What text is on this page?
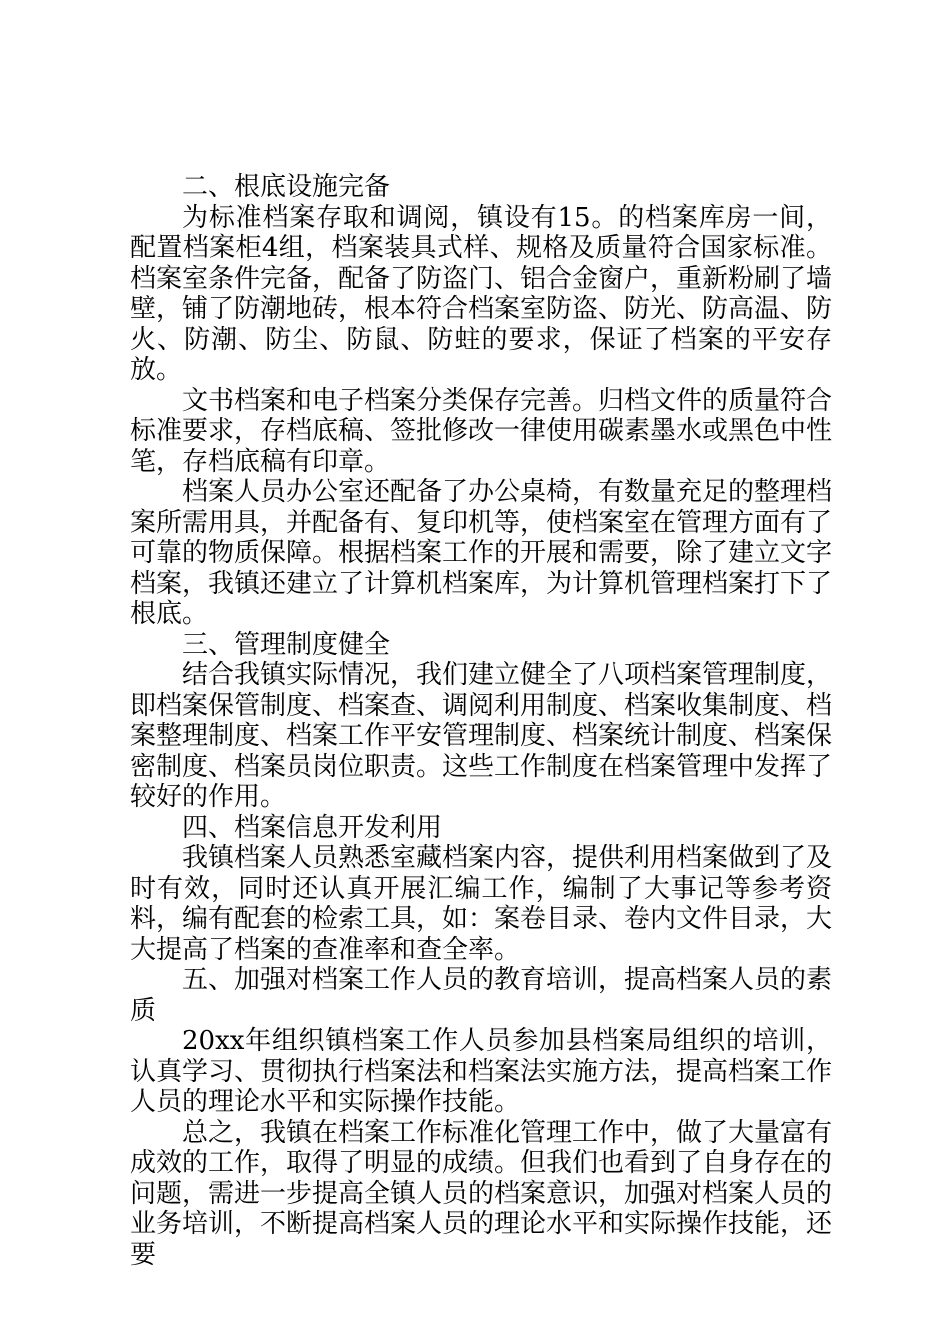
二、根底设施完备

为标准档案存取和调阅，镇设有15。的档案库房一间，配置档案柜4组，档案装具式样、规格及质量符合国家标准。档案室条件完备，配备了防盗门、铝合金窗户，重新粉刷了墙壁，铺了防潮地砖，根本符合档案室防盗、防光、防高温、防火、防潮、防尘、防鼠、防蛀的要求，保证了档案的平安存放。

文书档案和电子档案分类保存完善。归档文件的质量符合标准要求，存档底稿、签批修改一律使用碳素墨水或黑色中性笔，存档底稿有印章。

档案人员办公室还配备了办公桌椅，有数量充足的整理档案所需用具，并配备有、复印机等，使档案室在管理方面有了可靠的物质保障。根据档案工作的开展和需要，除了建立文字档案，我镇还建立了计算机档案库，为计算机管理档案打下了根底。

三、管理制度健全

结合我镇实际情况，我们建立健全了八项档案管理制度，即档案保管制度、档案查、调阅利用制度、档案收集制度、档案整理制度、档案工作平安管理制度、档案统计制度、档案保密制度、档案员岗位职责。这些工作制度在档案管理中发挥了较好的作用。

四、档案信息开发利用

我镇档案人员熟悉室藏档案内容，提供利用档案做到了及时有效，同时还认真开展汇编工作，编制了大事记等参考资料，编有配套的检索工具，如：案卷目录、卷内文件目录，大大提高了档案的查准率和查全率。

五、加强对档案工作人员的教育培训，提高档案人员的素质

20xx年组织镇档案工作人员参加县档案局组织的培训，认真学习、贯彻执行档案法和档案法实施方法，提高档案工作人员的理论水平和实际操作技能。

总之，我镇在档案工作标准化管理工作中，做了大量富有成效的工作，取得了明显的成绩。但我们也看到了自身存在的问题，需进一步提高全镇人员的档案意识，加强对档案人员的业务培训，不断提高档案人员的理论水平和实际操作技能，还要
